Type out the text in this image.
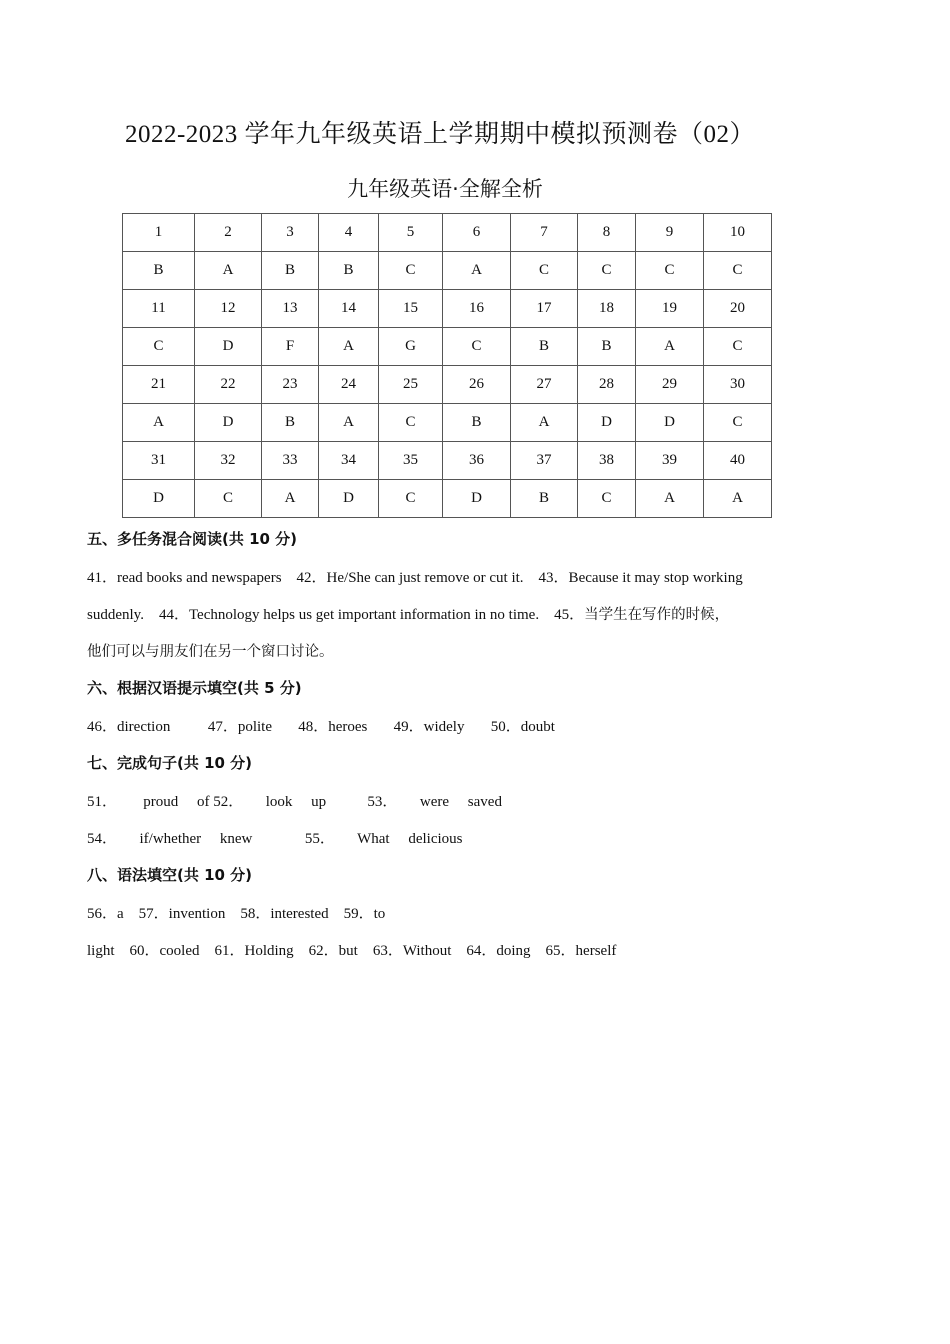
2022-2023 学年九年级英语上学期期中模拟预测卷（02）
九年级英语·全解全析
1	2	3	4	5	6	7	8	9	10
B	A	B	B	C	A	C	C	C	C
11	12	13	14	15	16	17	18	19	20
C	D	F	A	G	C	B	B	A	C
21	22	23	24	25	26	27	28	29	30
A	D	B	A	C	B	A	D	D	C
31	32	33	34	35	36	37	38	39	40
D	C	A	D	C	D	B	C	A	A
五、多任务混合阅读(共 10 分)
41．read books and newspapers    42．He/She can just remove or cut it.    43．Because it may stop working
suddenly.    44．Technology helps us get important information in no time.    45．当学生在写作的时候，
他们可以与朋友们在另一个窗口讨论。
六、根据汉语提示填空(共 5 分)
46．direction          47．polite       48．heroes       49．widely       50．doubt
七、完成句子(共 10 分)
51．       proud     of 52．      look     up           53．      were     saved
54．      if/whether     knew              55．      What     delicious
八、语法填空(共 10 分)
56．a    57．invention    58．interested    59．to
light    60．cooled    61．Holding    62．but    63．Without    64．doing    65．herself
